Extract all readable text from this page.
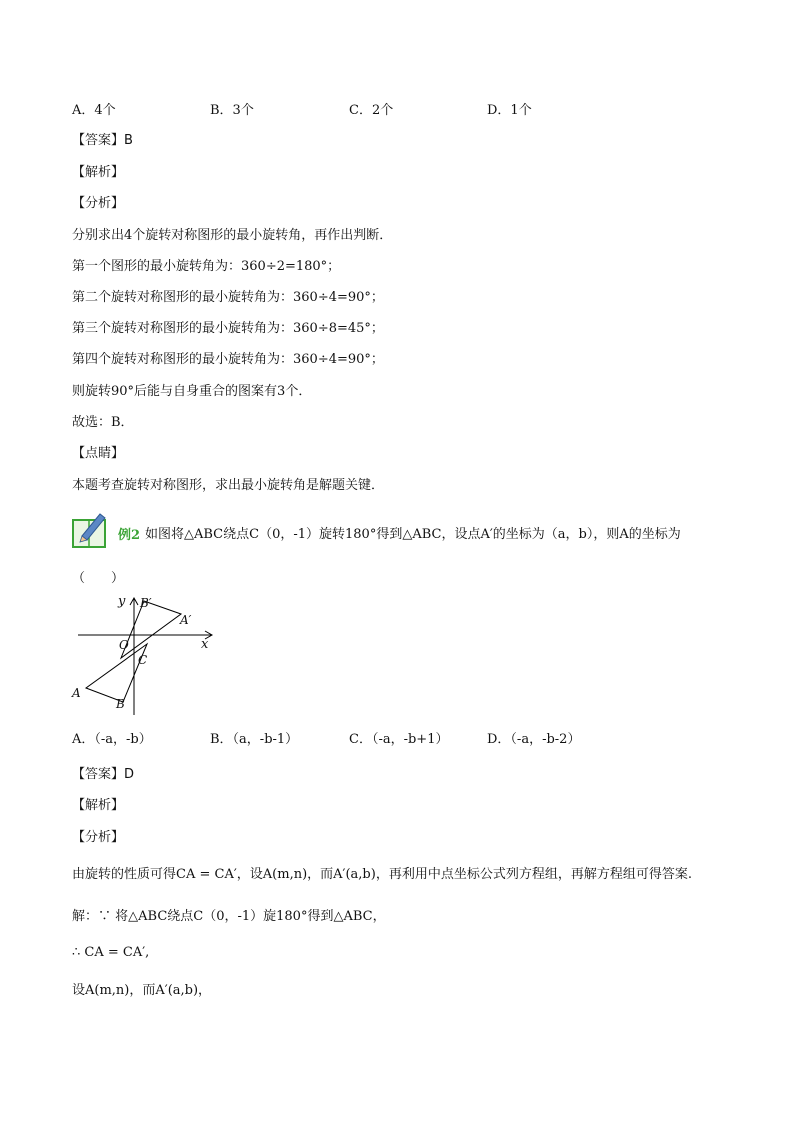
A．4个	B．3个	C．2个	D．1个
【答案】B
【解析】
【分析】
分别求出4个旋转对称图形的最小旋转角，再作出判断．
第一个图形的最小旋转角为：360÷2=180°；
第二个旋转对称图形的最小旋转角为：360÷4=90°；
第三个旋转对称图形的最小旋转角为：360÷8=45°；
第四个旋转对称图形的最小旋转角为：360÷4=90°；
则旋转90°后能与自身重合的图案有3个．
故选：B．
【点睛】
本题考查旋转对称图形，求出最小旋转角是解题关键．
例2 如图将△ABC绕点C（0，-1）旋转180°得到△ABC，设点A′的坐标为（a，b），则A的坐标为
（　　）
y B′
A′
x
O
C
A
B
A．（-a，-b）	B．（a，-b-1）	C．（-a，-b+1）	D．（-a，-b-2）
【答案】D
【解析】
【分析】
由旋转的性质可得CA = CA′，设A(m,n)，而A′(a,b)，再利用中点坐标公式列方程组，再解方程组可得答案.
解：∵ 将△ABC绕点C（0，-1）旋180°得到△ABC，
∴ CA = CA′,
设A(m,n)，而A′(a,b)，
